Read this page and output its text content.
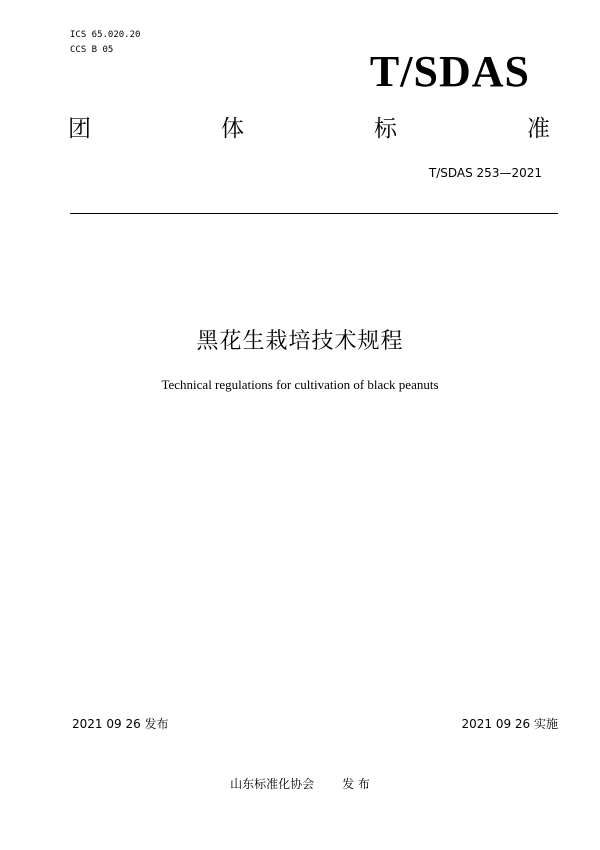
ICS 65.020.20
CCS B 05	T/SDAS
团	体	标	准
T/SDAS 253—2021
黑花生栽培技术规程
Technical regulations for cultivation of black peanuts
2021 09 26 发布	2021 09 26 实施
山东标准化协会 发 布
